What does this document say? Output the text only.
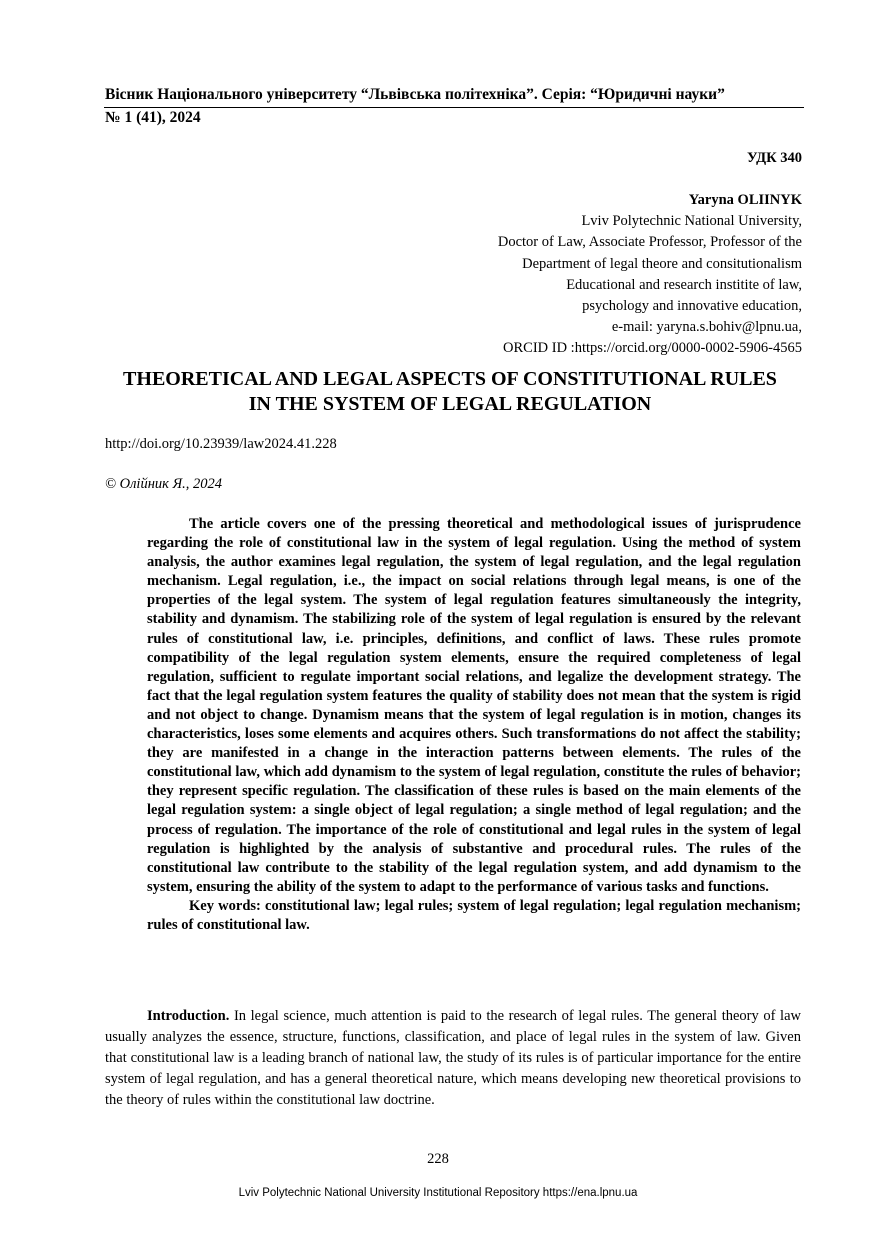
Вісник Національного університету “Львівська політехніка”. Серія: “Юридичні науки”
№ 1 (41), 2024
УДК 340
Yaryna OLIINYK
Lviv Polytechnic National University,
Doctor of Law, Associate Professor, Professor of the
Department of legal theore and consitutionalism
Educational and research institite of law,
psychology and innovative education,
e-mail: yaryna.s.bohiv@lpnu.ua,
ORCID ID :https://orcid.org/0000-0002-5906-4565
THEORETICAL AND LEGAL ASPECTS OF CONSTITUTIONAL RULES
IN THE SYSTEM OF LEGAL REGULATION
http://doi.org/10.23939/law2024.41.228
© Олійник Я., 2024

The article covers one of the pressing theoretical and methodological issues of jurisprudence regarding the role of constitutional law in the system of legal regulation. Using the method of system analysis, the author examines legal regulation, the system of legal regulation, and the legal regulation mechanism. Legal regulation, i.e., the impact on social relations through legal means, is one of the properties of the legal system. The system of legal regulation features simultaneously the integrity, stability and dynamism. The stabilizing role of the system of legal regulation is ensured by the relevant rules of constitutional law, i.e. principles, definitions, and conflict of laws. These rules promote compatibility of the legal regulation system elements, ensure the required completeness of legal regulation, sufficient to regulate important social relations, and legalize the development strategy. The fact that the legal regulation system features the quality of stability does not mean that the system is rigid and not object to change. Dynamism means that the system of legal regulation is in motion, changes its characteristics, loses some elements and acquires others. Such transformations do not affect the stability; they are manifested in a change in the interaction patterns between elements. The rules of the constitutional law, which add dynamism to the system of legal regulation, constitute the rules of behavior; they represent specific regulation. The classification of these rules is based on the main elements of the legal regulation system: a single object of legal regulation; a single method of legal regulation; and the process of regulation. The importance of the role of constitutional and legal rules in the system of legal regulation is highlighted by the analysis of substantive and procedural rules. The rules of the constitutional law contribute to the stability of the legal regulation system, and add dynamism to the system, ensuring the ability of the system to adapt to the performance of various tasks and functions.

Key words: constitutional law; legal rules; system of legal regulation; legal regulation mechanism; rules of constitutional law.

Introduction. In legal science, much attention is paid to the research of legal rules. The general theory of law usually analyzes the essence, structure, functions, classification, and place of legal rules in the system of law. Given that constitutional law is a leading branch of national law, the study of its rules is of particular importance for the entire system of legal regulation, and has a general theoretical nature, which means developing new theoretical provisions to the theory of rules within the constitutional law doctrine.

228
Lviv Polytechnic National University Institutional Repository https://ena.lpnu.ua
